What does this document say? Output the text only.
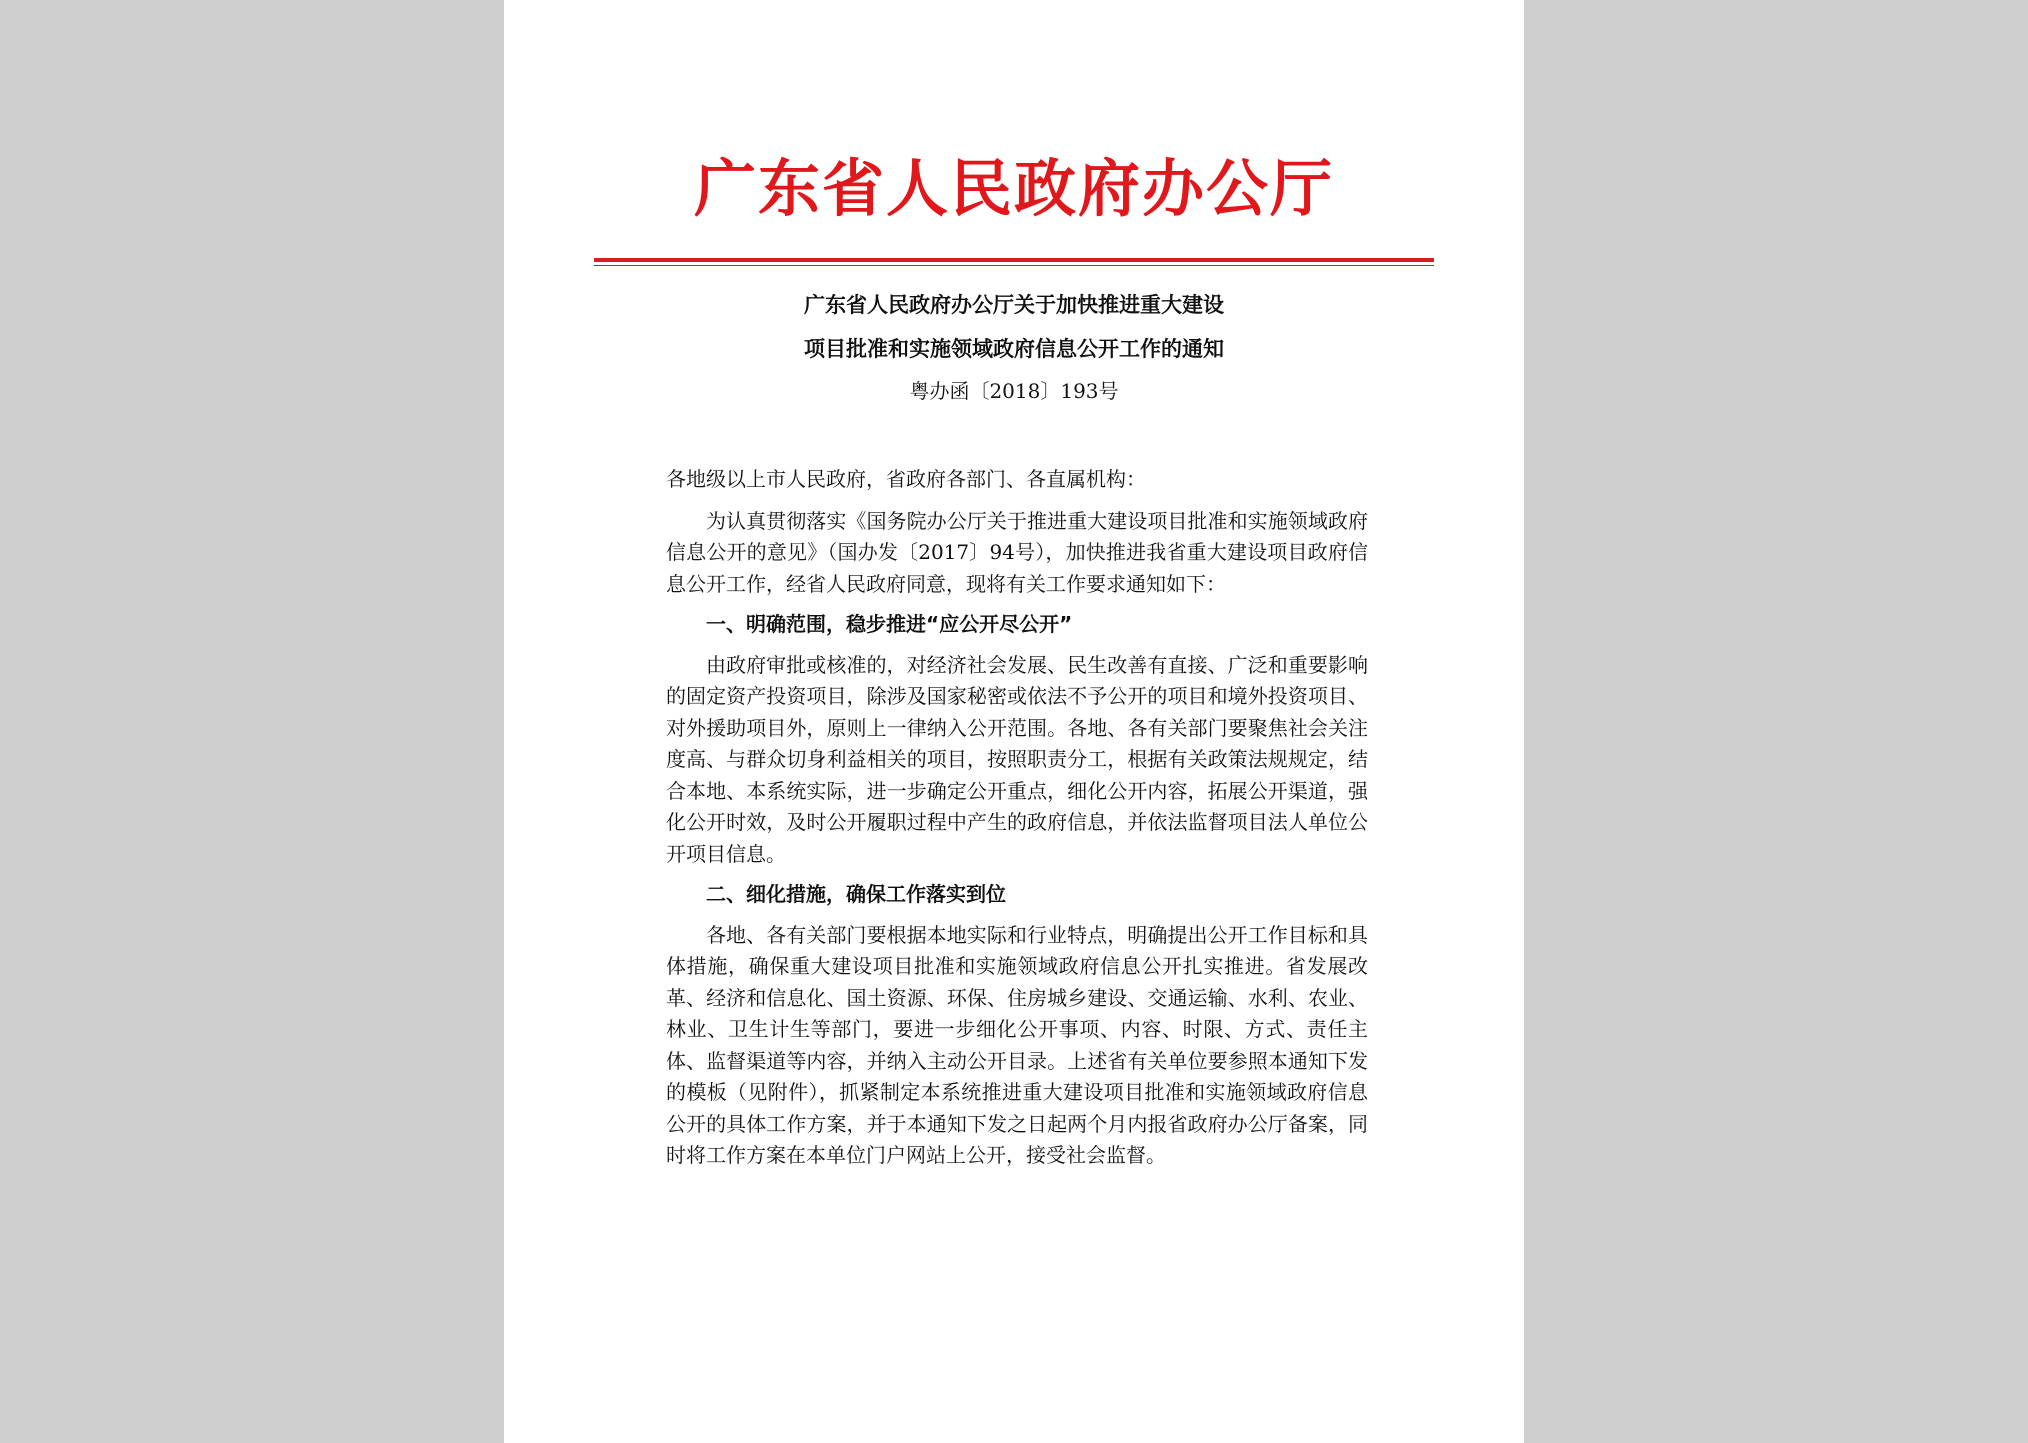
广东省人民政府办公厅
广东省人民政府办公厅关于加快推进重大建设
项目批准和实施领域政府信息公开工作的通知
粤办函〔2018〕193号

各地级以上市人民政府，省政府各部门、各直属机构：

为认真贯彻落实《国务院办公厅关于推进重大建设项目批准和实施领域政府信息公开的意见》（国办发〔2017〕94号），加快推进我省重大建设项目政府信息公开工作，经省人民政府同意，现将有关工作要求通知如下：

一、明确范围，稳步推进“应公开尽公开”

由政府审批或核准的，对经济社会发展、民生改善有直接、广泛和重要影响的固定资产投资项目，除涉及国家秘密或依法不予公开的项目和境外投资项目、对外援助项目外，原则上一律纳入公开范围。各地、各有关部门要聚焦社会关注度高、与群众切身利益相关的项目，按照职责分工，根据有关政策法规规定，结合本地、本系统实际，进一步确定公开重点，细化公开内容，拓展公开渠道，强化公开时效，及时公开履职过程中产生的政府信息，并依法监督项目法人单位公开项目信息。

二、细化措施，确保工作落实到位

各地、各有关部门要根据本地实际和行业特点，明确提出公开工作目标和具体措施，确保重大建设项目批准和实施领域政府信息公开扎实推进。省发展改革、经济和信息化、国土资源、环保、住房城乡建设、交通运输、水利、农业、林业、卫生计生等部门，要进一步细化公开事项、内容、时限、方式、责任主体、监督渠道等内容，并纳入主动公开目录。上述省有关单位要参照本通知下发的模板（见附件），抓紧制定本系统推进重大建设项目批准和实施领域政府信息公开的具体工作方案，并于本通知下发之日起两个月内报省政府办公厅备案，同时将工作方案在本单位门户网站上公开，接受社会监督。
